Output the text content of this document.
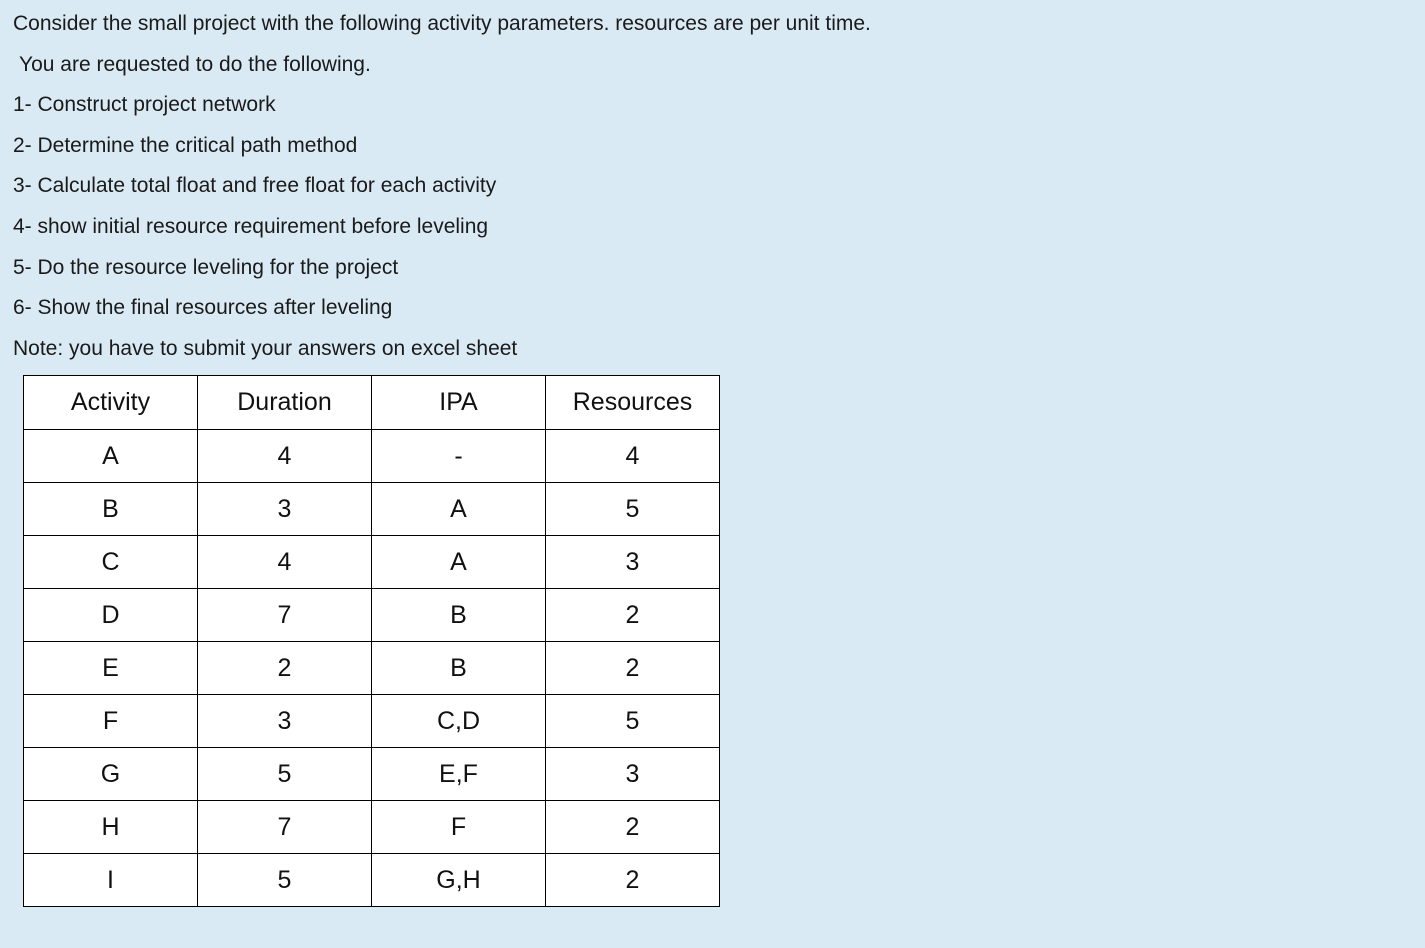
Consider the small project with the following activity parameters. resources are per unit time.
You are requested to do the following.
1- Construct project network
2- Determine the critical path method
3- Calculate total float and free float for each activity
4- show initial resource requirement before leveling
5- Do the resource leveling for the project
6- Show the final resources after leveling
Note: you have to submit your answers on excel sheet
Activity	Duration	IPA	Resources
A	4	-	4
B	3	A	5
C	4	A	3
D	7	B	2
E	2	B	2
F	3	C,D	5
G	5	E,F	3
H	7	F	2
I	5	G,H	2
